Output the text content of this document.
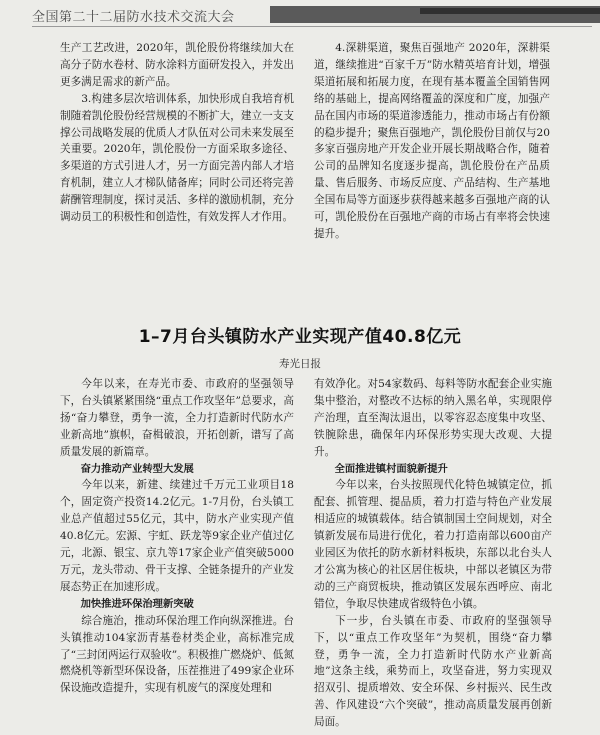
全国第二十二届防水技术交流大会

生产工艺改进，2020年，凯伦股份将继续加大在高分子防水卷材、防水涂料方面研发投入，并发出更多满足需求的新产品。

3.构建多层次培训体系，加快形成自我培育机制随着凯伦股份经营规模的不断扩大，建立一支支撑公司战略发展的优质人才队伍对公司未来发展至关重要。2020年，凯伦股份一方面采取多途径、多渠道的方式引进人才，另一方面完善内部人才培育机制，建立人才梯队储备库；同时公司还将完善薪酬管理制度，探讨灵活、多样的激励机制，充分调动员工的积极性和创造性，有效发挥人才作用。

4.深耕渠道，聚焦百强地产 2020年，深耕渠道，继续推进“百家千万”防水精英培育计划，增强渠道拓展和拓展力度，在现有基本覆盖全国销售网络的基础上，提高网络覆盖的深度和广度，加强产品在国内市场的渠道渗透能力，推动市场占有份额的稳步提升；聚焦百强地产，凯伦股份目前仅与20多家百强房地产开发企业开展长期战略合作，随着公司的品牌知名度逐步提高，凯伦股份在产品质量、售后服务、市场反应度、产品结构、生产基地全国布局等方面逐步获得越来越多百强地产商的认可，凯伦股份在百强地产商的市场占有率将会快速提升。

1–7月台头镇防水产业实现产值40.8亿元
寿光日报

今年以来，在寿光市委、市政府的坚强领导下，台头镇紧紧围绕“重点工作攻坚年”总要求，高扬“奋力攀登，勇争一流，全力打造新时代防水产业新高地”旗帜，奋楫破浪，开拓创新，谱写了高质量发展的新篇章。

奋力推动产业转型大发展

今年以来，新建、续建过千万元工业项目18个，固定资产投资14.2亿元。1-7月份，台头镇工业总产值超过55亿元，其中，防水产业实现产值40.8亿元。宏源、宇虹、跃龙等9家企业产值过亿元，北源、银宝、京九等17家企业产值突破5000万元，龙头带动、骨干支撑、全链条提升的产业发展态势正在加速形成。

加快推进环保治理新突破

综合施治，推动环保治理工作向纵深推进。台头镇推动104家沥青基卷材类企业，高标准完成了“三封闭两运行双验收”。积极推广燃烧炉、低氮燃烧机等新型环保设备，压茬推进了499家企业环保设施改造提升，实现有机废气的深度处理和

有效净化。对54家数码、每料等防水配套企业实施集中整治，对整改不达标的纳入黑名单，实现限停产治理，直至淘汰退出，以零容忍态度集中攻坚、铁腕除患，确保年内环保形势实现大改观、大提升。

全面推进镇村面貌新提升

今年以来，台头按照现代化特色城镇定位，抓配套、抓管理、提品质，着力打造与特色产业发展相适应的城镇载体。结合镇制国土空间规划，对全镇新发展布局进行优化，着力打造南部以600亩产业园区为依托的防水新材料板块，东部以北台头人才公寓为核心的社区居住板块，中部以老镇区为带动的三产商贸板块，推动镇区发展东西呼应、南北错位，争取尽快建成省级特色小镇。

下一步，台头镇在市委、市政府的坚强领导下，以“重点工作攻坚年”为契机，围绕“奋力攀登，勇争一流，全力打造新时代防水产业新高地”这条主线，乘势而上，攻坚奋进，努力实现双招双引、提质增效、安全环保、乡村振兴、民生改善、作风建设“六个突破”，推动高质量发展再创新局面。
